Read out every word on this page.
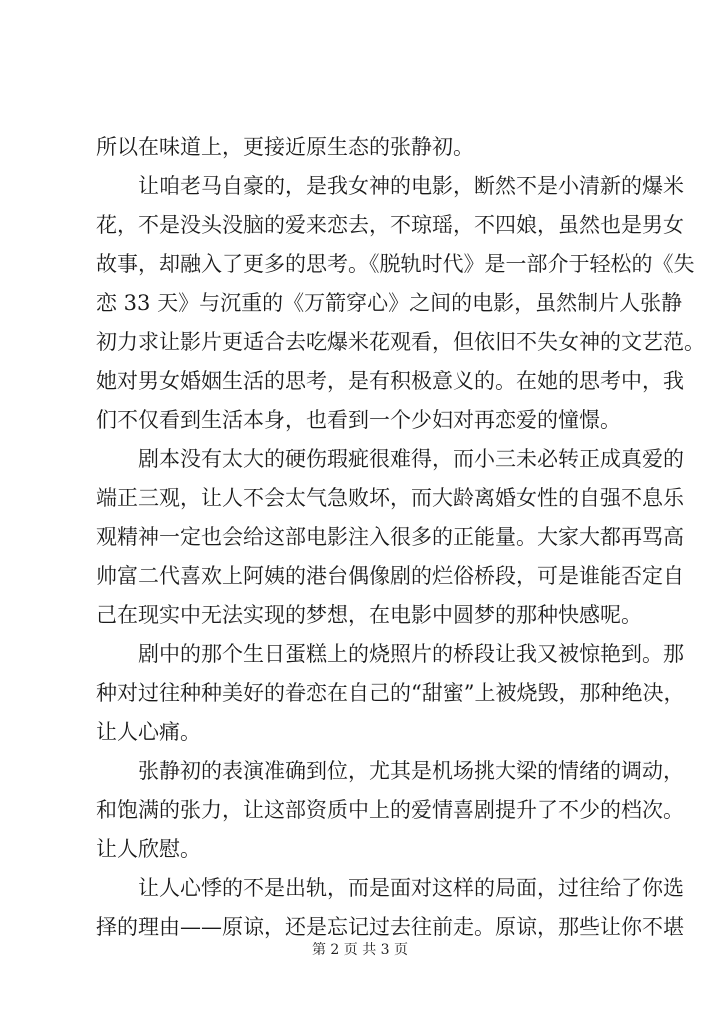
所以在味道上，更接近原生态的张静初。
让咱老马自豪的，是我女神的电影，断然不是小清新的爆米
花，不是没头没脑的爱来恋去，不琼瑶，不四娘，虽然也是男女
故事，却融入了更多的思考。《脱轨时代》是一部介于轻松的《失
恋 33 天》与沉重的《万箭穿心》之间的电影，虽然制片人张静
初力求让影片更适合去吃爆米花观看，但依旧不失女神的文艺范。
她对男女婚姻生活的思考，是有积极意义的。在她的思考中，我
们不仅看到生活本身，也看到一个少妇对再恋爱的憧憬。
剧本没有太大的硬伤瑕疵很难得，而小三未必转正成真爱的
端正三观，让人不会太气急败坏，而大龄离婚女性的自强不息乐
观精神一定也会给这部电影注入很多的正能量。大家大都再骂高
帅富二代喜欢上阿姨的港台偶像剧的烂俗桥段，可是谁能否定自
己在现实中无法实现的梦想，在电影中圆梦的那种快感呢。
剧中的那个生日蛋糕上的烧照片的桥段让我又被惊艳到。那
种对过往种种美好的眷恋在自己的“甜蜜”上被烧毁，那种绝决，
让人心痛。
张静初的表演准确到位，尤其是机场挑大梁的情绪的调动，
和饱满的张力，让这部资质中上的爱情喜剧提升了不少的档次。
让人欣慰。
让人心悸的不是出轨，而是面对这样的局面，过往给了你选
择的理由——原谅，还是忘记过去往前走。原谅，那些让你不堪
第 2 页 共 3 页
